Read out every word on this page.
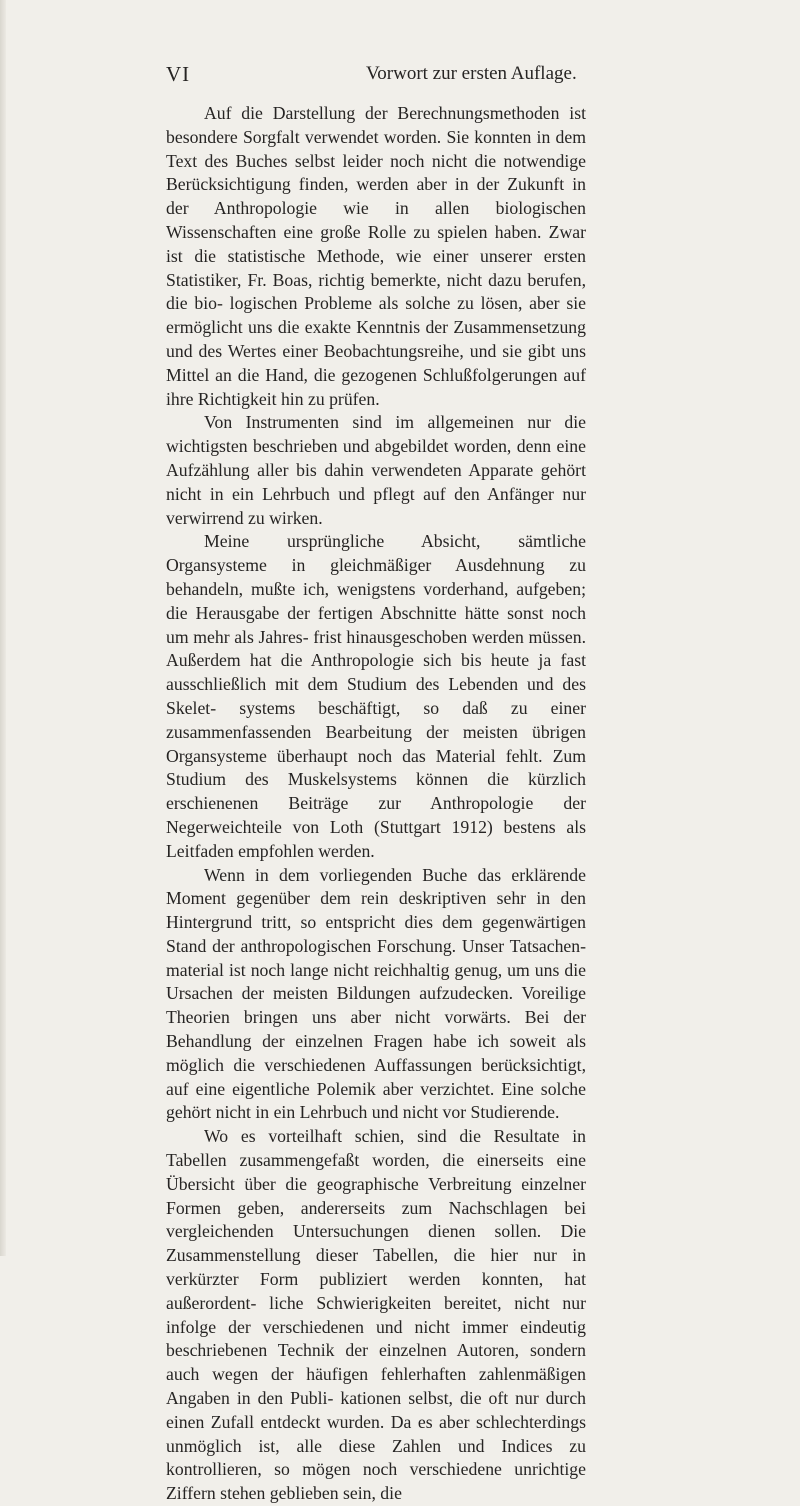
VI	Vorwort zur ersten Auflage.

Auf die Darstellung der Berechnungsmethoden ist besondere Sorgfalt verwendet worden. Sie konnten in dem Text des Buches selbst leider noch nicht die notwendige Berücksichtigung finden, werden aber in der Zukunft in der Anthropologie wie in allen biologischen Wissenschaften eine große Rolle zu spielen haben. Zwar ist die statistische Methode, wie einer unserer ersten Statistiker, Fr. Boas, richtig bemerkte, nicht dazu berufen, die bio- logischen Probleme als solche zu lösen, aber sie ermöglicht uns die exakte Kenntnis der Zusammensetzung und des Wertes einer Beobachtungsreihe, und sie gibt uns Mittel an die Hand, die gezogenen Schlußfolgerungen auf ihre Richtigkeit hin zu prüfen.

Von Instrumenten sind im allgemeinen nur die wichtigsten beschrieben und abgebildet worden, denn eine Aufzählung aller bis dahin verwendeten Apparate gehört nicht in ein Lehrbuch und pflegt auf den Anfänger nur verwirrend zu wirken.

Meine ursprüngliche Absicht, sämtliche Organsysteme in gleichmäßiger Ausdehnung zu behandeln, mußte ich, wenigstens vorderhand, aufgeben; die Herausgabe der fertigen Abschnitte hätte sonst noch um mehr als Jahres- frist hinausgeschoben werden müssen. Außerdem hat die Anthropologie sich bis heute ja fast ausschließlich mit dem Studium des Lebenden und des Skelet- systems beschäftigt, so daß zu einer zusammenfassenden Bearbeitung der meisten übrigen Organsysteme überhaupt noch das Material fehlt. Zum Studium des Muskelsystems können die kürzlich erschienenen Beiträge zur Anthropologie der Negerweichteile von Loth (Stuttgart 1912) bestens als Leitfaden empfohlen werden.

Wenn in dem vorliegenden Buche das erklärende Moment gegenüber dem rein deskriptiven sehr in den Hintergrund tritt, so entspricht dies dem gegenwärtigen Stand der anthropologischen Forschung. Unser Tatsachen- material ist noch lange nicht reichhaltig genug, um uns die Ursachen der meisten Bildungen aufzudecken. Voreilige Theorien bringen uns aber nicht vorwärts. Bei der Behandlung der einzelnen Fragen habe ich soweit als möglich die verschiedenen Auffassungen berücksichtigt, auf eine eigentliche Polemik aber verzichtet. Eine solche gehört nicht in ein Lehrbuch und nicht vor Studierende.

Wo es vorteilhaft schien, sind die Resultate in Tabellen zusammengefaßt worden, die einerseits eine Übersicht über die geographische Verbreitung einzelner Formen geben, andererseits zum Nachschlagen bei vergleichenden Untersuchungen dienen sollen. Die Zusammenstellung dieser Tabellen, die hier nur in verkürzter Form publiziert werden konnten, hat außerordent- liche Schwierigkeiten bereitet, nicht nur infolge der verschiedenen und nicht immer eindeutig beschriebenen Technik der einzelnen Autoren, sondern auch wegen der häufigen fehlerhaften zahlenmäßigen Angaben in den Publi- kationen selbst, die oft nur durch einen Zufall entdeckt wurden. Da es aber schlechterdings unmöglich ist, alle diese Zahlen und Indices zu kontrollieren, so mögen noch verschiedene unrichtige Ziffern stehen geblieben sein, die
